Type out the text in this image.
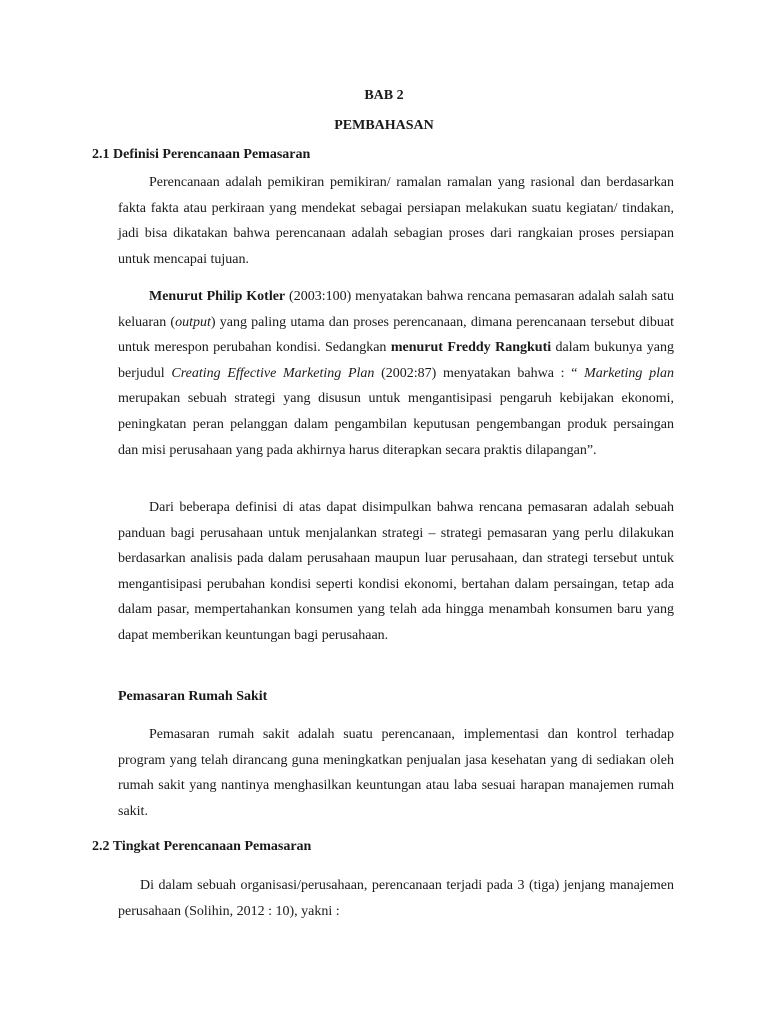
BAB 2
PEMBAHASAN
2.1 Definisi Perencanaan Pemasaran

Perencanaan adalah pemikiran pemikiran/ ramalan ramalan yang rasional dan berdasarkan fakta fakta atau perkiraan yang mendekat sebagai persiapan melakukan suatu kegiatan/ tindakan, jadi bisa dikatakan bahwa perencanaan adalah sebagian proses dari rangkaian proses persiapan untuk mencapai tujuan.

Menurut Philip Kotler (2003:100) menyatakan bahwa rencana pemasaran adalah salah satu keluaran (output) yang paling utama dan proses perencanaan, dimana perencanaan tersebut dibuat untuk merespon perubahan kondisi. Sedangkan menurut Freddy Rangkuti dalam bukunya yang berjudul Creating Effective Marketing Plan (2002:87) menyatakan bahwa : “ Marketing plan merupakan sebuah strategi yang disusun untuk mengantisipasi pengaruh kebijakan ekonomi, peningkatan peran pelanggan dalam pengambilan keputusan pengembangan produk persaingan dan misi perusahaan yang pada akhirnya harus diterapkan secara praktis dilapangan”.

Dari beberapa definisi di atas dapat disimpulkan bahwa rencana pemasaran adalah sebuah panduan bagi perusahaan untuk menjalankan strategi – strategi pemasaran yang perlu dilakukan berdasarkan analisis pada dalam perusahaan maupun luar perusahaan, dan strategi tersebut untuk mengantisipasi perubahan kondisi seperti kondisi ekonomi, bertahan dalam persaingan, tetap ada dalam pasar, mempertahankan konsumen yang telah ada hingga menambah konsumen baru yang dapat memberikan keuntungan bagi perusahaan.

Pemasaran Rumah Sakit

Pemasaran rumah sakit adalah suatu perencanaan, implementasi dan kontrol terhadap program yang telah dirancang guna meningkatkan penjualan jasa kesehatan yang di sediakan oleh rumah sakit yang nantinya menghasilkan keuntungan atau laba sesuai harapan manajemen rumah sakit.

2.2 Tingkat Perencanaan Pemasaran

Di dalam sebuah organisasi/perusahaan, perencanaan terjadi pada 3 (tiga) jenjang manajemen perusahaan (Solihin, 2012 : 10), yakni :
